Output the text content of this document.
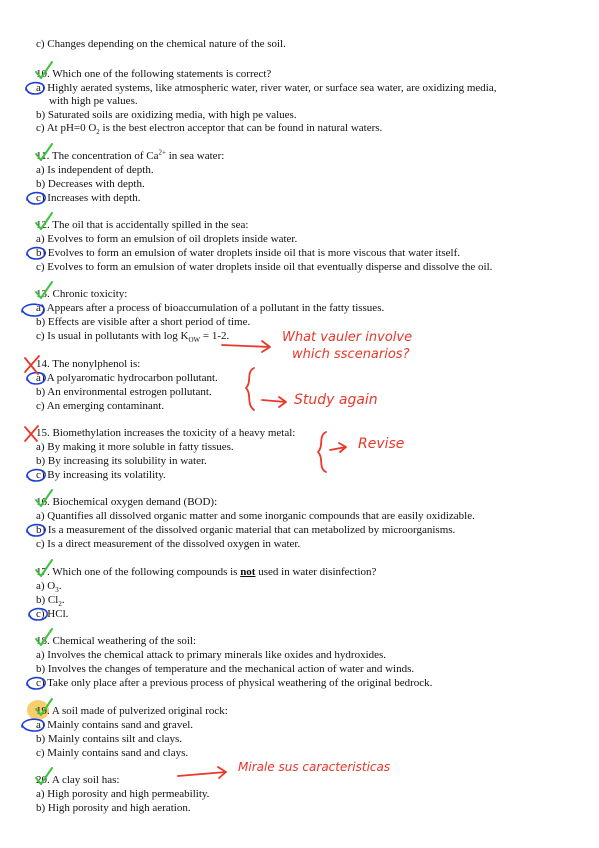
c) Changes depending on the chemical nature of the soil.
10. Which one of the following statements is correct?
a) Highly aerated systems, like atmospheric water, river water, or surface sea water, are oxidizing media,
with high pe values.
b) Saturated soils are oxidizing media, with high pe values.
c) At pH=0 $O_2$ is the best electron acceptor that can be found in natural waters.
11. The concentration of $Ca^{2+}$ in sea water:
a) Is independent of depth.
b) Decreases with depth.
c) Increases with depth.
12. The oil that is accidentally spilled in the sea:
a) Evolves to form an emulsion of oil droplets inside water.
b) Evolves to form an emulsion of water droplets inside oil that is more viscous that water itself.
c) Evolves to form an emulsion of water droplets inside oil that eventually disperse and dissolve the oil.
13. Chronic toxicity:
a) Appears after a process of bioaccumulation of a pollutant in the fatty tissues.
b) Effects are visible after a short period of time.
c) Is usual in pollutants with $\log K_{OW} = 1-2$.
14. The nonylphenol is:
a) A polyaromatic hydrocarbon pollutant.
b) An environmental estrogen pollutant.
c) An emerging contaminant.
15. Biomethylation increases the toxicity of a heavy metal:
a) By making it more soluble in fatty tissues.
b) By increasing its solubility in water.
c) By increasing its volatility.
16. Biochemical oxygen demand (BOD):
a) Quantifies all dissolved organic matter and some inorganic compounds that are easily oxidizable.
b) Is a measurement of the dissolved organic material that can metabolized by microorganisms.
c) Is a direct measurement of the dissolved oxygen in water.
17. Which one of the following compounds is not used in water disinfection?
a) $O_3$.
b) $Cl_2$.
c) HCl.
18. Chemical weathering of the soil:
a) Involves the chemical attack to primary minerals like oxides and hydroxides.
b) Involves the changes of temperature and the mechanical action of water and winds.
c) Take only place after a previous process of physical weathering of the original bedrock.
19. A soil made of pulverized original rock:
a) Mainly contains sand and gravel.
b) Mainly contains silt and clays.
c) Mainly contains sand and clays.
20. A clay soil has:
a) High porosity and high permeability.
b) High porosity and high aeration.
What vauler involve
which sscenarios?
Study again
Revise
Mirale sus caracteristicas
